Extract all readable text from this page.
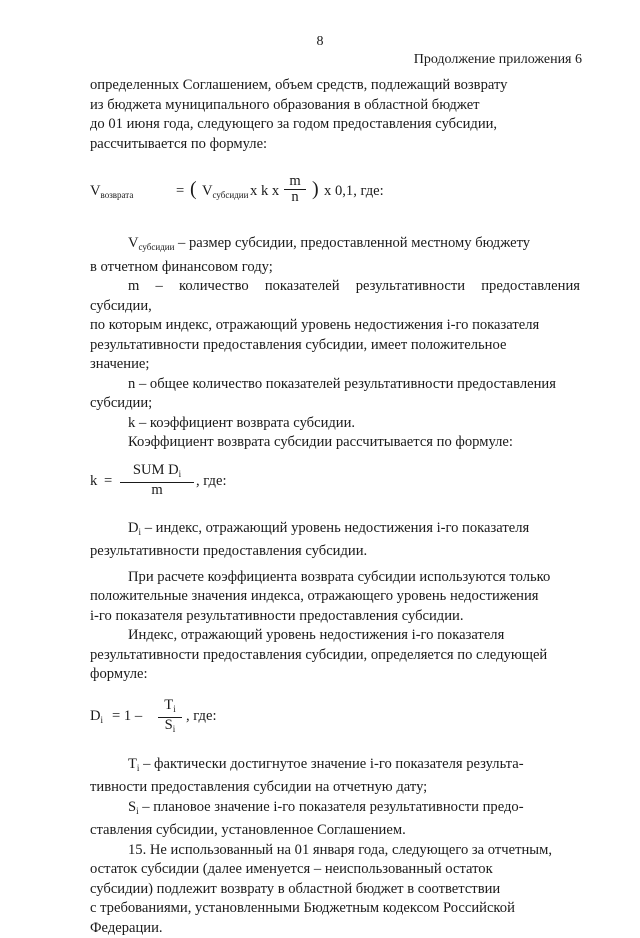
8
Продолжение приложения 6

определенных Соглашением, объем средств, подлежащий возврату

из бюджета муниципального образования в областной бюджет

до 01 июня года, следующего за годом предоставления субсидии,

рассчитывается по формуле:

$V_{возврата}$	= ( $V_{субсидии}$ x k x
m
n ) x 0,1, где:

$V_{субсидии}$ – размер субсидии, предоставленной местному бюджету

в отчетном финансовом году;

m – количество показателей результативности предоставления субсидии,

по которым индекс, отражающий уровень недостижения i-го показателя

результативности предоставления субсидии, имеет положительное

значение;

n – общее количество показателей результативности предоставления

субсидии;

k – коэффициент возврата субсидии.

Коэффициент возврата субсидии рассчитывается по формуле:

k =
SUM $D_i$
m
, где:

$D_i$ – индекс, отражающий уровень недостижения i-го показателя

результативности предоставления субсидии.

При расчете коэффициента возврата субсидии используются только

положительные значения индекса, отражающего уровень недостижения

i-го показателя результативности предоставления субсидии.

Индекс, отражающий уровень недостижения i-го показателя

результативности предоставления субсидии, определяется по следующей

формуле:

$D_i = 1$ –
$T_i$
$S_i$
, где:

$T_i$ – фактически достигнутое значение i-го показателя результа-

тивности предоставления субсидии на отчетную дату;

$S_i$ – плановое значение i-го показателя результативности предо-

ставления субсидии, установленное Соглашением.

15. Не использованный на 01 января года, следующего за отчетным,

остаток субсидии (далее именуется – неиспользованный остаток

субсидии) подлежит возврату в областной бюджет в соответствии

с требованиями, установленными Бюджетным кодексом Российской

Федерации.
